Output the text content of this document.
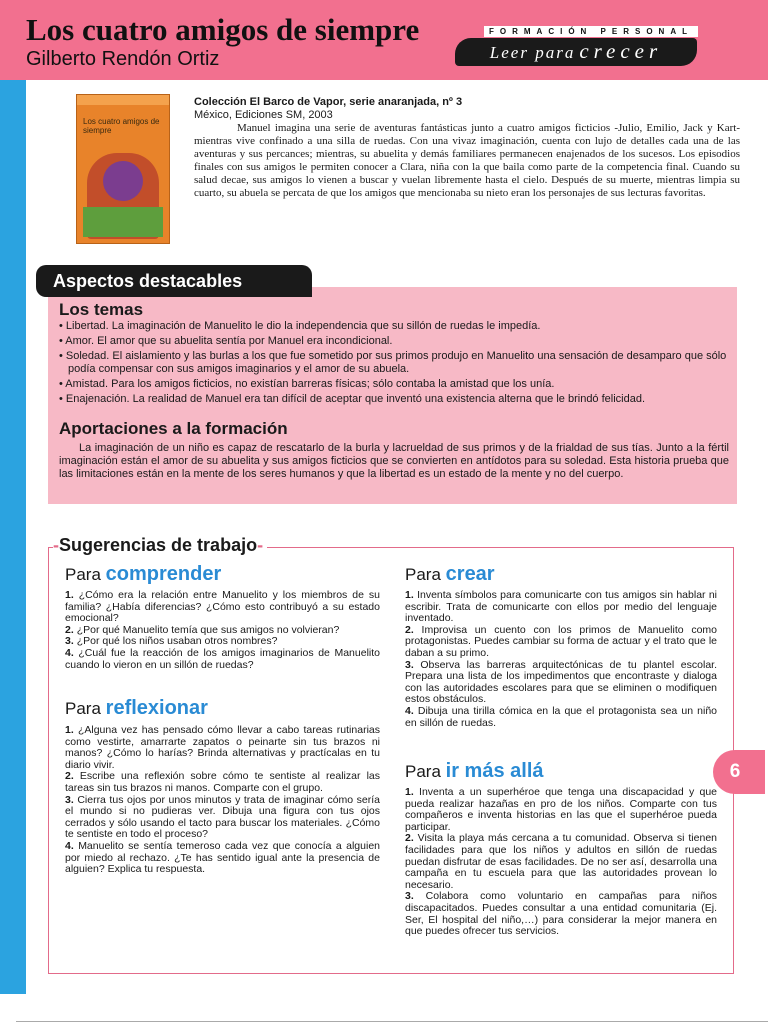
Los cuatro amigos de siempre
Gilberto Rendón Ortiz
FORMACIÓN PERSONAL
Leer para crecer
Los cuatro amigos de siempre
Colección El Barco de Vapor, serie anaranjada, nº 3
México, Ediciones SM, 2003

Manuel imagina una serie de aventuras fantásticas junto a cuatro amigos ficticios -Julio, Emilio, Jack y Kart- mientras vive confinado a una silla de ruedas. Con una vivaz imaginación, cuenta con lujo de detalles cada una de las aventuras y sus percances; mientras, su abuelita y demás familiares permanecen enajenados de los sucesos. Los episodios finales con sus amigos le permiten conocer a Clara, niña con la que baila como parte de la competencia final. Cuando su salud decae, sus amigos lo vienen a buscar y vuelan libremente hasta el cielo. Después de su muerte, mientras limpia su cuarto, su abuela se percata de que los amigos que mencionaba su nieto eran los personajes de sus lecturas favoritas.

Aspectos destacables
Los temas
• Libertad. La imaginación de Manuelito le dio la independencia que su sillón de ruedas le impedía.
• Amor. El amor que su abuelita sentía por Manuel era incondicional.
• Soledad. El aislamiento y las burlas a los que fue sometido por sus primos produjo en Manuelito una sensación de desamparo que sólo podía compensar con sus amigos imaginarios y el amor de su abuela.
• Amistad. Para los amigos ficticios, no existían barreras físicas; sólo contaba la amistad que los unía.
• Enajenación. La realidad de Manuel era tan difícil de aceptar que inventó una existencia alterna que le brindó felicidad.
Aportaciones a la formación

La imaginación de un niño es capaz de rescatarlo de la burla y lacrueldad de sus primos y de la frialdad de sus tías. Junto a la fértil imaginación están el amor de su abuelita y sus amigos ficticios que se convierten en antídotos para su soledad. Esta historia prueba que las limitaciones están en la mente de los seres humanos y que la libertad es un estado de la mente y no del cuerpo.

-Sugerencias de trabajo-
Para comprender
1. ¿Cómo era la relación entre Manuelito y los miembros de su familia? ¿Había diferencias? ¿Cómo esto contribuyó a su estado emocional?
2. ¿Por qué Manuelito temía que sus amigos no volvieran?
3. ¿Por qué los niños usaban otros nombres?
4. ¿Cuál fue la reacción de los amigos imaginarios de Manuelito cuando lo vieron en un sillón de ruedas?
Para reflexionar
1. ¿Alguna vez has pensado cómo llevar a cabo tareas rutinarias como vestirte, amarrarte zapatos o peinarte sin tus brazos ni manos? ¿Cómo lo harías? Brinda alternativas y practícalas en tu diario vivir.
2. Escribe una reflexión sobre cómo te sentiste al realizar las tareas sin tus brazos ni manos. Comparte con el grupo.
3. Cierra tus ojos por unos minutos y trata de imaginar cómo sería el mundo si no pudieras ver. Dibuja una figura con tus ojos cerrados y sólo usando el tacto para buscar los materiales. ¿Cómo te sentiste en todo el proceso?
4. Manuelito se sentía temeroso cada vez que conocía a alguien por miedo al rechazo. ¿Te has sentido igual ante la presencia de alguien? Explica tu respuesta.
Para crear
1. Inventa símbolos para comunicarte con tus amigos sin hablar ni escribir. Trata de comunicarte con ellos por medio del lenguaje inventado.
2. Improvisa un cuento con los primos de Manuelito como protagonistas. Puedes cambiar su forma de actuar y el trato que le daban a su primo.
3. Observa las barreras arquitectónicas de tu plantel escolar. Prepara una lista de los impedimentos que encontraste y dialoga con las autoridades escolares para que se eliminen o modifiquen estos obstáculos.
4. Dibuja una tirilla cómica en la que el protagonista sea un niño en sillón de ruedas.
Para ir más allá
1. Inventa a un superhéroe que tenga una discapacidad y que pueda realizar hazañas en pro de los niños. Comparte con tus compañeros e inventa historias en las que el superhéroe pueda participar.
2. Visita la playa más cercana a tu comunidad. Observa si tienen facilidades para que los niños y adultos en sillón de ruedas puedan disfrutar de esas facilidades. De no ser así, desarrolla una campaña en tu escuela para que las autoridades provean lo necesario.
3. Colabora como voluntario en campañas para niños discapacitados. Puedes consultar a una entidad comunitaria (Ej. Ser, El hospital del niño,…) para considerar la mejor manera en que puedes ofrecer tus servicios.
6
